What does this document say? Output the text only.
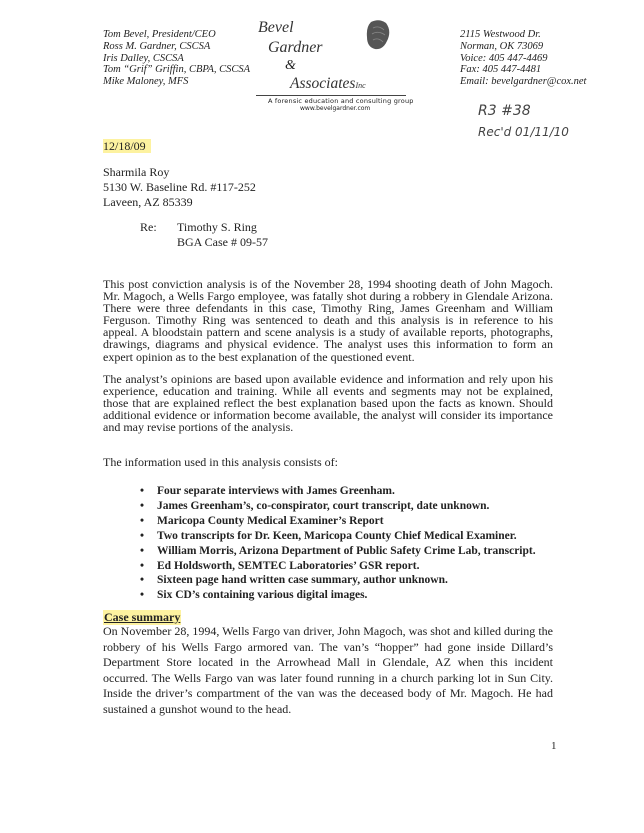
Tom Bevel, President/CEO
Ross M. Gardner, CSCSA
Iris Dalley, CSCSA
Tom “Grif” Griffin, CBPA, CSCSA
Mike Maloney, MFS
Bevel
Gardner
&
AssociatesInc
A forensic education and consulting group
www.bevelgardner.com
2115 Westwood Dr.
Norman, OK 73069
Voice: 405 447-4469
Fax: 405 447-4481
Email: bevelgardner@cox.net
R3 #38
Rec'd 01/11/10
12/18/09
Sharmila Roy
5130 W. Baseline Rd. #117-252
Laveen, AZ 85339
Re: Timothy S. Ring
BGA Case # 09-57
This post conviction analysis is of the November 28, 1994 shooting death of John Magoch. Mr. Magoch, a Wells Fargo employee, was fatally shot during a robbery in Glendale Arizona. There were three defendants in this case, Timothy Ring, James Greenham and William Ferguson. Timothy Ring was sentenced to death and this analysis is in reference to his appeal. A bloodstain pattern and scene analysis is a study of available reports, photographs, drawings, diagrams and physical evidence. The analyst uses this information to form an expert opinion as to the best explanation of the questioned event.
The analyst’s opinions are based upon available evidence and information and rely upon his experience, education and training. While all events and segments may not be explained, those that are explained reflect the best explanation based upon the facts as known. Should additional evidence or information become available, the analyst will consider its importance and may revise portions of the analysis.
The information used in this analysis consists of:
• Four separate interviews with James Greenham.
• James Greenham’s, co-conspirator, court transcript, date unknown.
• Maricopa County Medical Examiner’s Report
• Two transcripts for Dr. Keen, Maricopa County Chief Medical Examiner.
• William Morris, Arizona Department of Public Safety Crime Lab, transcript.
• Ed Holdsworth, SEMTEC Laboratories’ GSR report.
• Sixteen page hand written case summary, author unknown.
• Six CD’s containing various digital images.
Case summary
On November 28, 1994, Wells Fargo van driver, John Magoch, was shot and killed during the robbery of his Wells Fargo armored van. The van’s “hopper” had gone inside Dillard’s Department Store located in the Arrowhead Mall in Glendale, AZ when this incident occurred. The Wells Fargo van was later found running in a church parking lot in Sun City. Inside the driver’s compartment of the van was the deceased body of Mr. Magoch. He had sustained a gunshot wound to the head.
1
